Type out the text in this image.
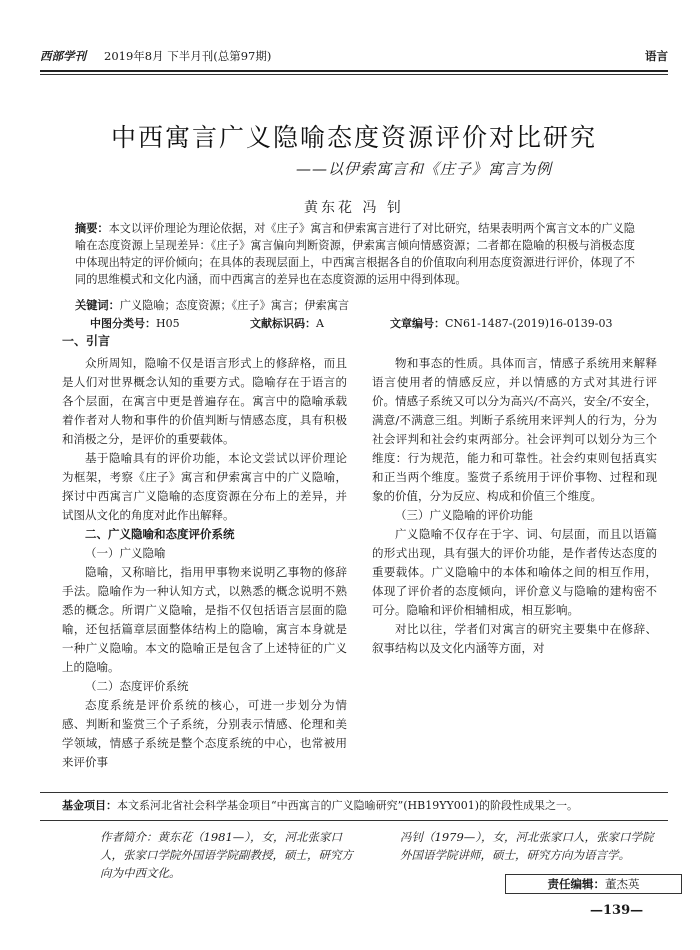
西部学刊 2019年8月 下半月刊(总第97期)	语言
中西寓言广义隐喻态度资源评价对比研究
——以伊索寓言和《庄子》寓言为例
黄东花 冯 钊
摘要：本文以评价理论为理论依据，对《庄子》寓言和伊索寓言进行了对比研究，结果表明两个寓言文本的广义隐喻在态度资源上呈现差异：《庄子》寓言偏向判断资源，伊索寓言倾向情感资源；二者都在隐喻的积极与消极态度中体现出特定的评价倾向；在具体的表现层面上，中西寓言根据各自的价值取向利用态度资源进行评价，体现了不同的思维模式和文化内涵，而中西寓言的差异也在态度资源的运用中得到体现。
关键词：广义隐喻；态度资源；《庄子》寓言；伊索寓言
中图分类号：H05	文献标识码：A	文章编号：CN61-1487-(2019)16-0139-03
一、引言

众所周知，隐喻不仅是语言形式上的修辞格，而且是人们对世界概念认知的重要方式。隐喻存在于语言的各个层面，在寓言中更是普遍存在。寓言中的隐喻承载着作者对人物和事件的价值判断与情感态度，具有积极和消极之分，是评价的重要载体。

基于隐喻具有的评价功能，本论文尝试以评价理论为框架，考察《庄子》寓言和伊索寓言中的广义隐喻，探讨中西寓言广义隐喻的态度资源在分布上的差异，并试图从文化的角度对此作出解释。

二、广义隐喻和态度评价系统
（一）广义隐喻

隐喻，又称暗比，指用甲事物来说明乙事物的修辞手法。隐喻作为一种认知方式，以熟悉的概念说明不熟悉的概念。所谓广义隐喻，是指不仅包括语言层面的隐喻，还包括篇章层面整体结构上的隐喻，寓言本身就是一种广义隐喻。本文的隐喻正是包含了上述特征的广义上的隐喻。

（二）态度评价系统

态度系统是评价系统的核心，可进一步划分为情感、判断和鉴赏三个子系统，分别表示情感、伦理和美学领域，情感子系统是整个态度系统的中心，也常被用来评价事

物和事态的性质。具体而言，情感子系统用来解释语言使用者的情感反应，并以情感的方式对其进行评价。情感子系统又可以分为高兴/不高兴，安全/不安全，满意/不满意三组。判断子系统用来评判人的行为，分为社会评判和社会约束两部分。社会评判可以划分为三个维度：行为规范，能力和可靠性。社会约束则包括真实和正当两个维度。鉴赏子系统用于评价事物、过程和现象的价值，分为反应、构成和价值三个维度。

（三）广义隐喻的评价功能

广义隐喻不仅存在于字、词、句层面，而且以语篇的形式出现，具有强大的评价功能，是作者传达态度的重要载体。广义隐喻中的本体和喻体之间的相互作用，体现了评价者的态度倾向，评价意义与隐喻的建构密不可分。隐喻和评价相辅相成，相互影响。

对比以往，学者们对寓言的研究主要集中在修辞、叙事结构以及文化内涵等方面，对

基金项目：本文系河北省社会科学基金项目“中西寓言的广义隐喻研究”(HB19YY001)的阶段性成果之一。
作者简介：黄东花（1981—），女，河北张家口人，张家口学院外国语学院副教授，硕士，研究方向为中西文化。
冯钊（1979—），女，河北张家口人，张家口学院外国语学院讲师，硕士，研究方向为语言学。
责任编辑：董杰英
—139—
